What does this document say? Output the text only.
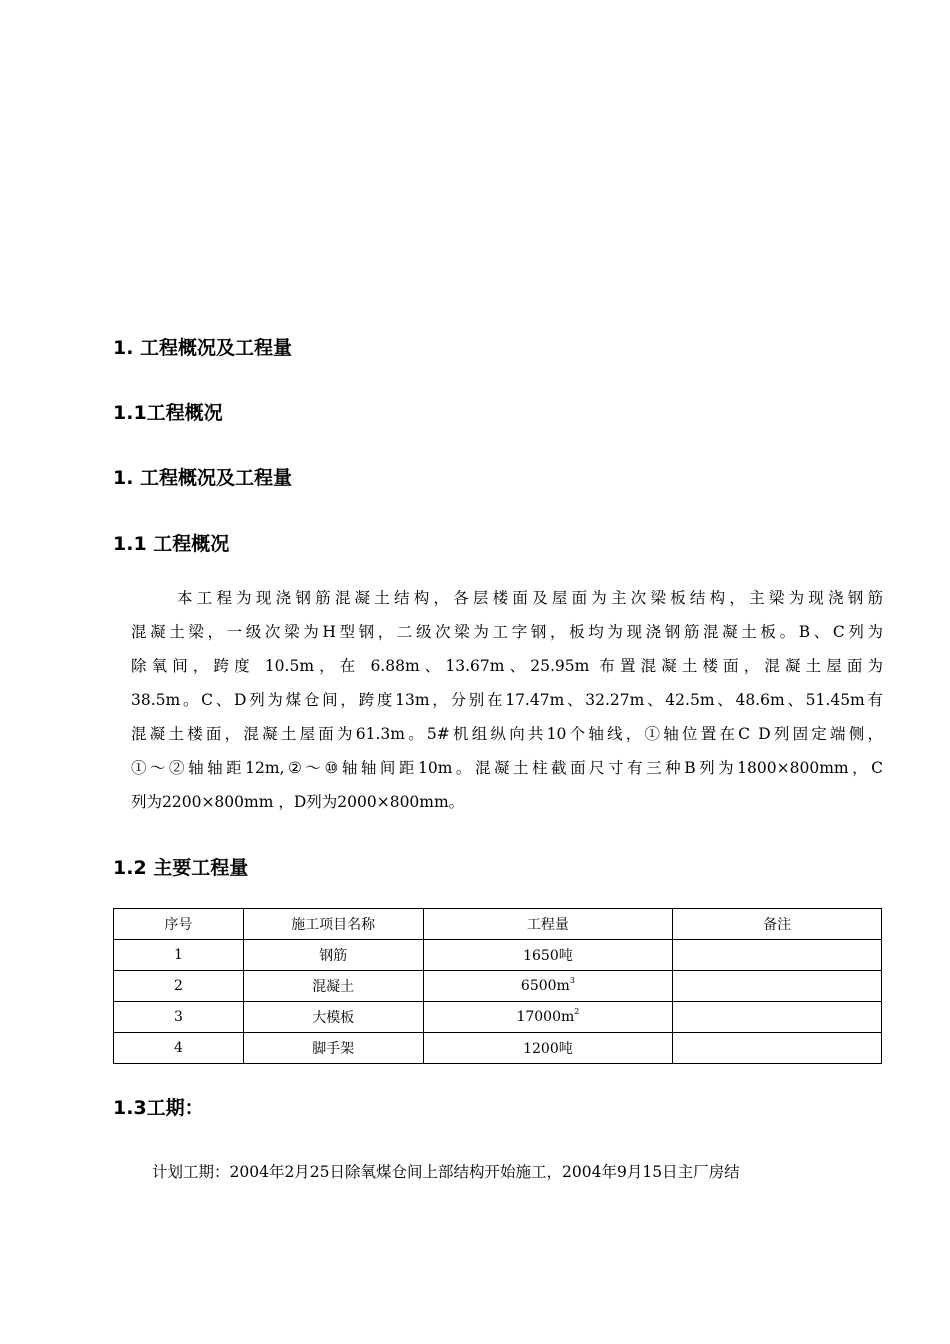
1. 工程概况及工程量
1.1工程概况
1. 工程概况及工程量
1.1 工程概况
本工程为现浇钢筋混凝土结构，各层楼面及屋面为主次梁板结构，主梁为现浇钢筋
混凝土梁，一级次梁为H型钢，二级次梁为工字钢，板均为现浇钢筋混凝土板。B、C列为
除氧间，跨度 10.5m，在 6.88m、13.67m、25.95m 布置混凝土楼面，混凝土屋面为
38.5m。C、D列为煤仓间，跨度13m，分别在17.47m、32.27m、42.5m、48.6m、51.45m有
混凝土楼面，混凝土屋面为61.3m。5#机组纵向共10个轴线，①轴位置在C D列固定端侧，
①～②轴轴距12m,②～⑩轴轴间距10m。混凝土柱截面尺寸有三种B列为1800×800mm，C
列为2200×800mm ，D列为2000×800mm。
1.2 主要工程量
序号	施工项目名称	工程量	备注
1	钢筋	1650吨	
2	混凝土	$6500m^3$	
3	大模板	$17000m^2$	
4	脚手架	1200吨	
1.3工期：
计划工期：2004年2月25日除氧煤仓间上部结构开始施工，2004年9月15日主厂房结
